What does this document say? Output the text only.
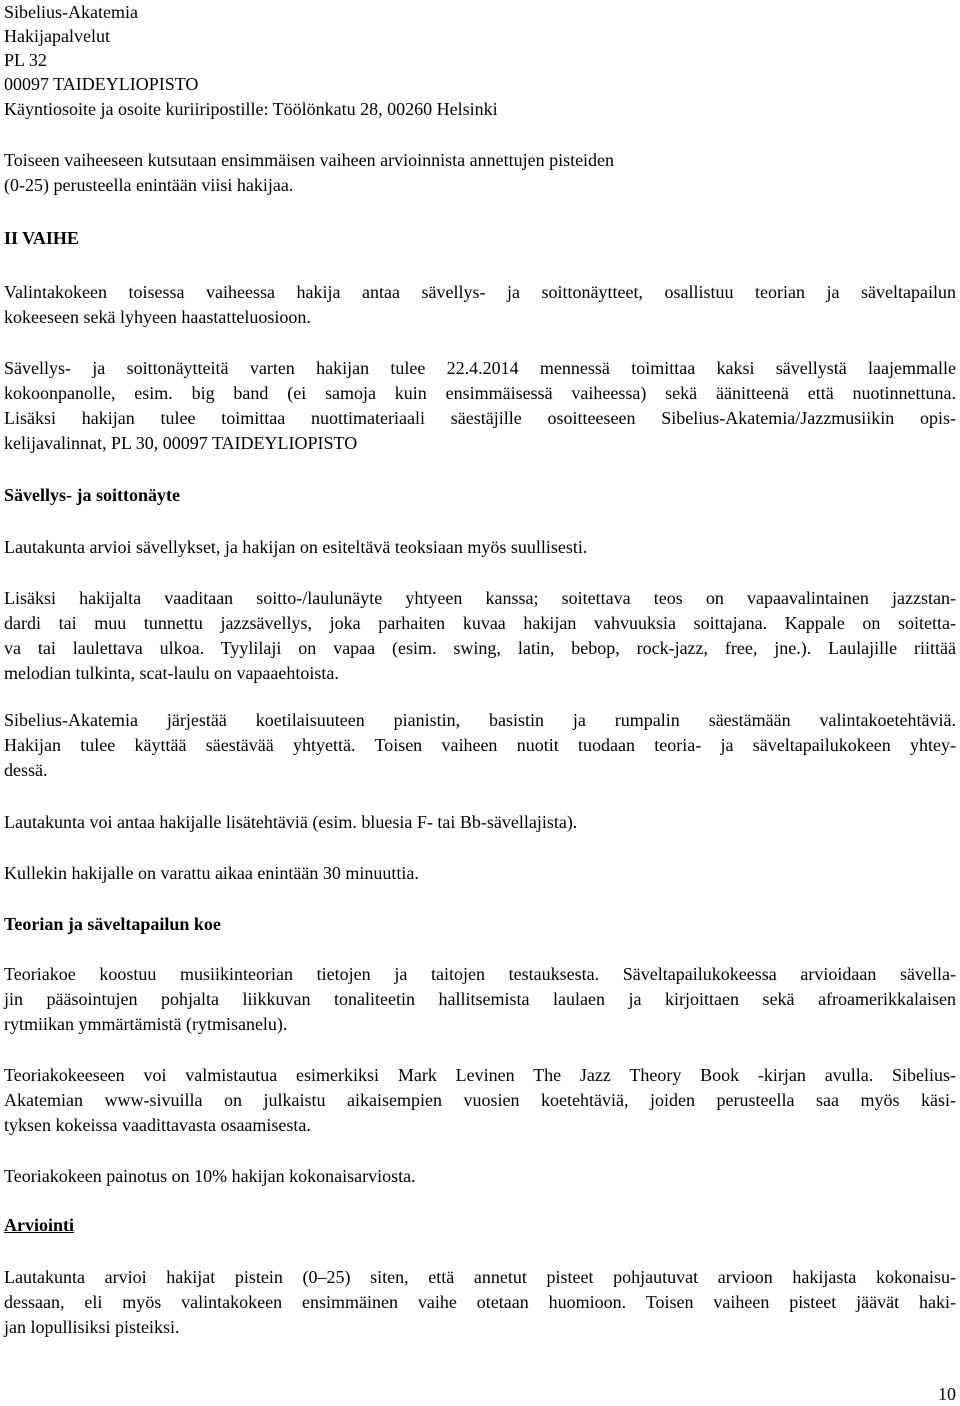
Sibelius-Akatemia
Hakijapalvelut
PL 32
00097 TAIDEYLIOPISTO
Käyntiosoite ja osoite kuriiripostille: Töölönkatu 28, 00260 Helsinki
Toiseen vaiheeseen kutsutaan ensimmäisen vaiheen arvioinnista annettujen pisteiden
(0-25) perusteella enintään viisi hakijaa.
II VAIHE
Valintakokeen toisessa vaiheessa hakija antaa sävellys- ja soittonäytteet, osallistuu teorian ja säveltapailun
kokeeseen sekä lyhyeen haastatteluosioon.
Sävellys- ja soittonäytteitä varten hakijan tulee 22.4.2014 mennessä toimittaa kaksi sävellystä laajemmalle
kokoonpanolle, esim. big band (ei samoja kuin ensimmäisessä vaiheessa) sekä äänitteenä että nuotinnettuna.
Lisäksi hakijan tulee toimittaa nuottimateriaali säestäjille osoitteeseen Sibelius-Akatemia/Jazzmusiikin opis-
kelijavalinnat, PL 30, 00097 TAIDEYLIOPISTO
Sävellys- ja soittonäyte
Lautakunta arvioi sävellykset, ja hakijan on esiteltävä teoksiaan myös suullisesti.
Lisäksi hakijalta vaaditaan soitto-/laulunäyte yhtyeen kanssa; soitettava teos on vapaavalintainen jazzstan-
dardi tai muu tunnettu jazzsävellys, joka parhaiten kuvaa hakijan vahvuuksia soittajana. Kappale on soitetta-
va tai laulettava ulkoa. Tyylilaji on vapaa (esim. swing, latin, bebop, rock-jazz, free, jne.). Laulajille riittää
melodian tulkinta, scat-laulu on vapaaehtoista.
Sibelius-Akatemia järjestää koetilaisuuteen pianistin, basistin ja rumpalin säestämään valintakoetehtäviä.
Hakijan tulee käyttää säestävää yhtyettä. Toisen vaiheen nuotit tuodaan teoria- ja säveltapailukokeen yhtey-
dessä.
Lautakunta voi antaa hakijalle lisätehtäviä (esim. bluesia F- tai Bb-sävellajista).
Kullekin hakijalle on varattu aikaa enintään 30 minuuttia.
Teorian ja säveltapailun koe
Teoriakoe koostuu musiikinteorian tietojen ja taitojen testauksesta. Säveltapailukokeessa arvioidaan sävella-
jin pääsointujen pohjalta liikkuvan tonaliteetin hallitsemista laulaen ja kirjoittaen sekä afroamerikkalaisen
rytmiikan ymmärtämistä (rytmisanelu).
Teoriakokeeseen voi valmistautua esimerkiksi Mark Levinen The Jazz Theory Book -kirjan avulla. Sibelius-
Akatemian www-sivuilla on julkaistu aikaisempien vuosien koetehtäviä, joiden perusteella saa myös käsi-
tyksen kokeissa vaadittavasta osaamisesta.
Teoriakokeen painotus on 10% hakijan kokonaisarviosta.
Arviointi
Lautakunta arvioi hakijat pistein (0–25) siten, että annetut pisteet pohjautuvat arvioon hakijasta kokonaisu-
dessaan, eli myös valintakokeen ensimmäinen vaihe otetaan huomioon. Toisen vaiheen pisteet jäävät haki-
jan lopullisiksi pisteiksi.
10
